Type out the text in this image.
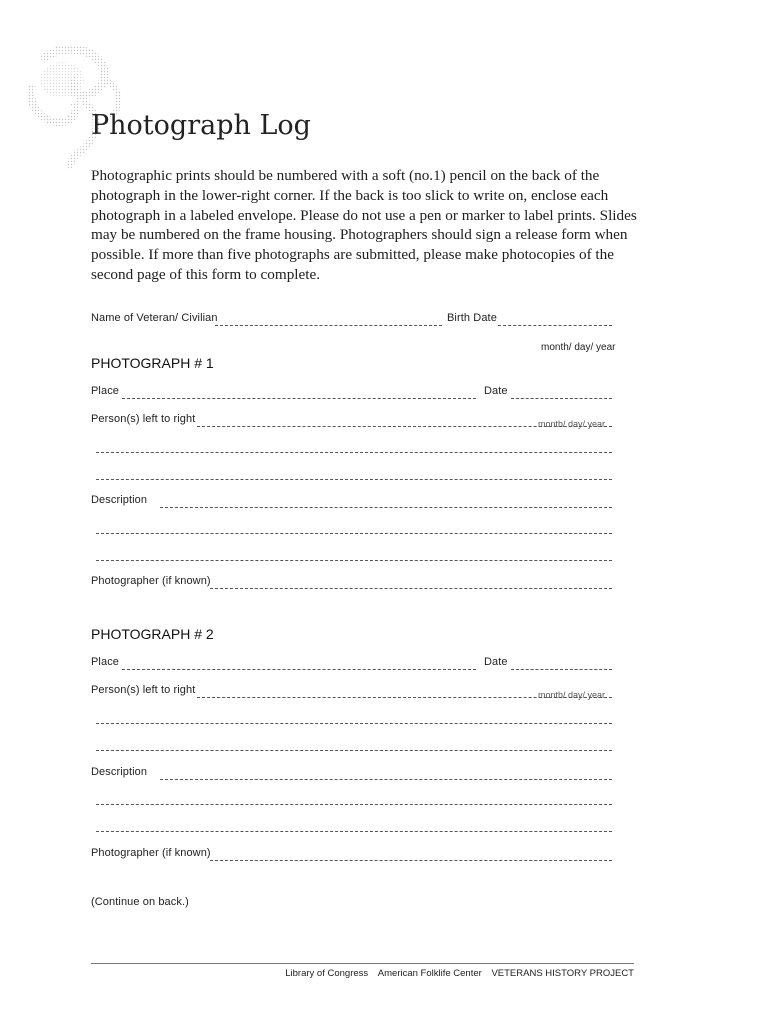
Photograph Log

Photographic prints should be numbered with a soft (no.1) pencil on the back of the photograph in the lower-right corner. If the back is too slick to write on, enclose each photograph in a labeled envelope. Please do not use a pen or marker to label prints. Slides may be numbered on the frame housing. Photographers should sign a release form when possible. If more than five photographs are submitted, please make photocopies of the second page of this form to complete.

Name of Veteran/ Civilian	Birth Date
month/ day/ year
PHOTOGRAPH # 1
Place	Date
Person(s) left to right	month/ day/ year
Description
Photographer (if known)
PHOTOGRAPH # 2
Place	Date
Person(s) left to right	month/ day/ year
Description
Photographer (if known)
(Continue on back.)
Library of Congress American Folklife Center VETERANS HISTORY PROJECT
